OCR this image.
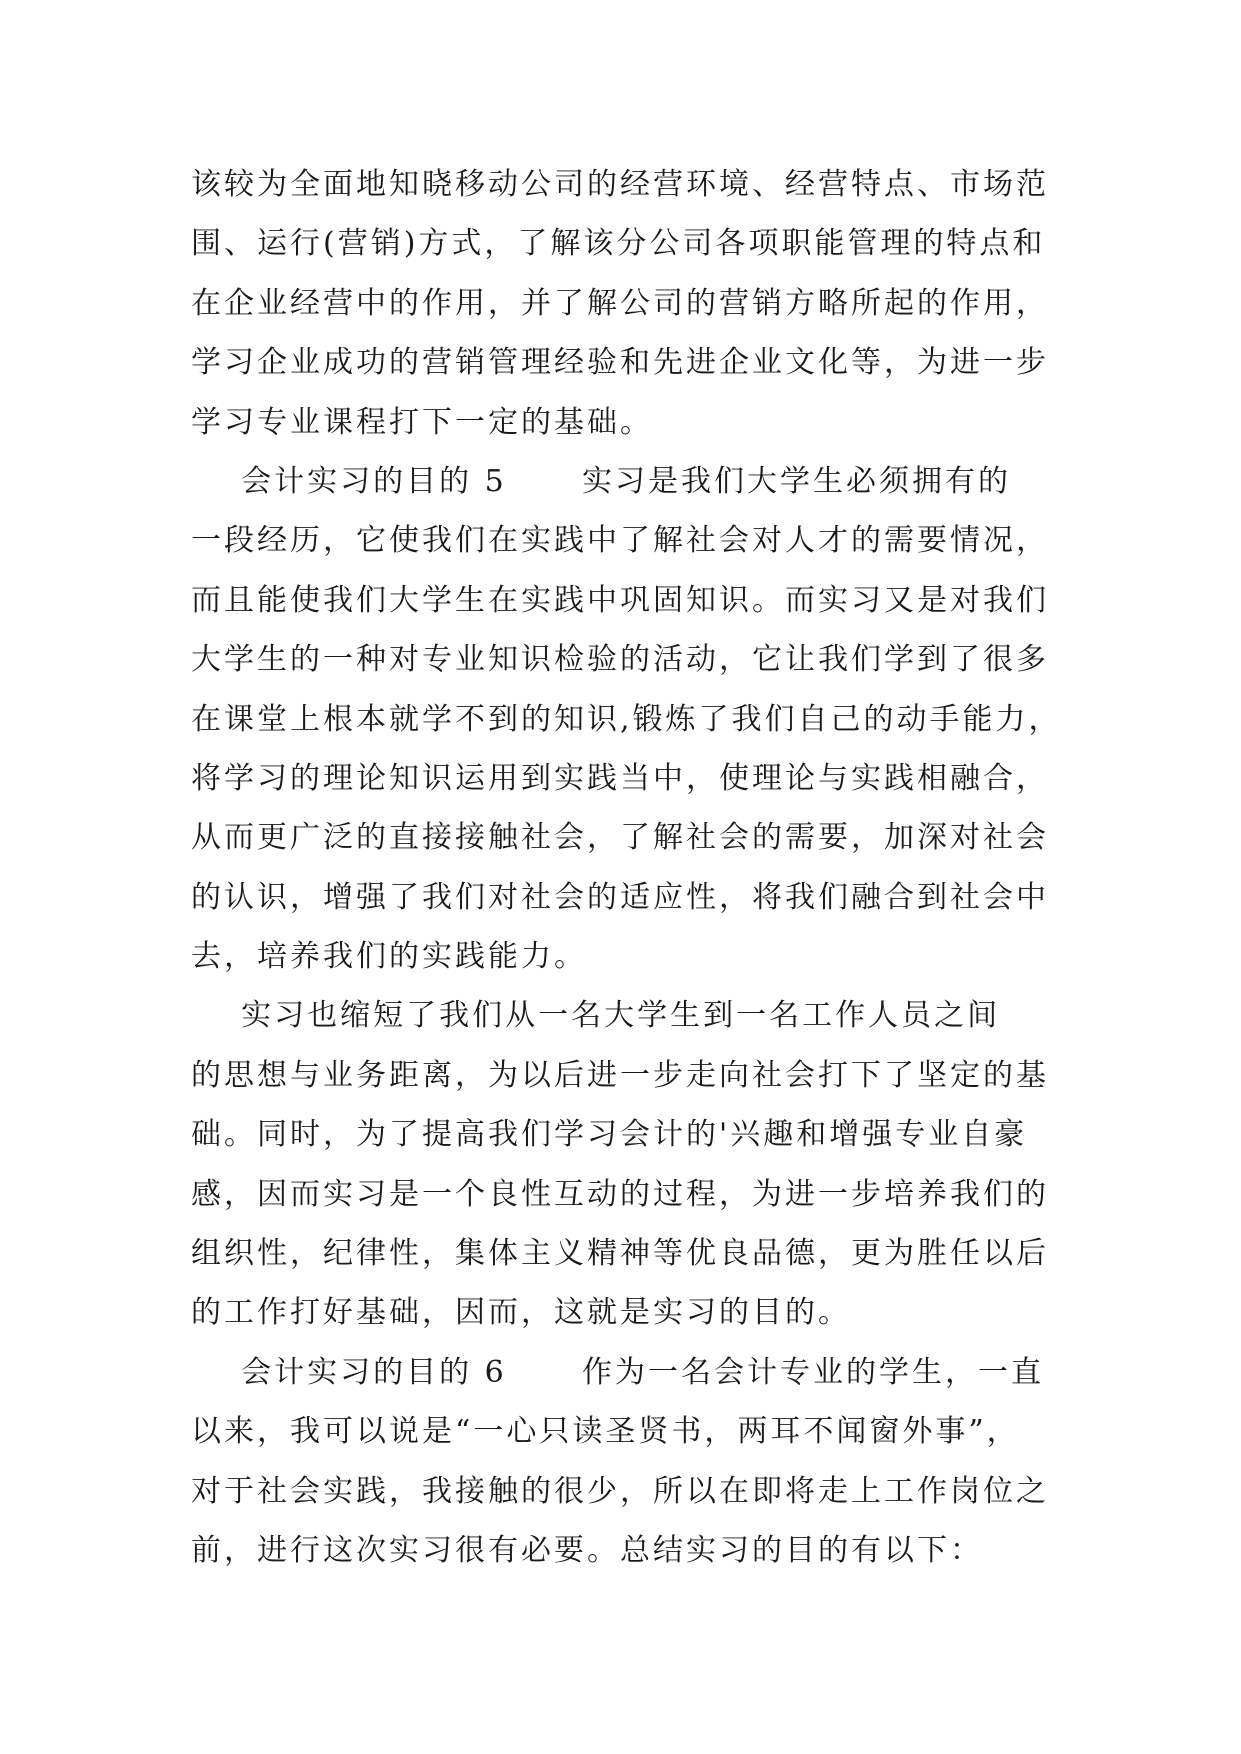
该较为全面地知晓移动公司的经营环境、经营特点、市场范
围、运行(营销)方式，了解该分公司各项职能管理的特点和
在企业经营中的作用，并了解公司的营销方略所起的作用，
学习企业成功的营销管理经验和先进企业文化等，为进一步
学习专业课程打下一定的基础。
会计实习的目的 5      实习是我们大学生必须拥有的
一段经历，它使我们在实践中了解社会对人才的需要情况，
而且能使我们大学生在实践中巩固知识。而实习又是对我们
大学生的一种对专业知识检验的活动，它让我们学到了很多
在课堂上根本就学不到的知识,锻炼了我们自己的动手能力，
将学习的理论知识运用到实践当中，使理论与实践相融合，
从而更广泛的直接接触社会，了解社会的需要，加深对社会
的认识，增强了我们对社会的适应性，将我们融合到社会中
去，培养我们的实践能力。
实习也缩短了我们从一名大学生到一名工作人员之间
的思想与业务距离，为以后进一步走向社会打下了坚定的基
础。同时，为了提高我们学习会计的'兴趣和增强专业自豪
感，因而实习是一个良性互动的过程，为进一步培养我们的
组织性，纪律性，集体主义精神等优良品德，更为胜任以后
的工作打好基础，因而，这就是实习的目的。
会计实习的目的 6      作为一名会计专业的学生，一直
以来，我可以说是“一心只读圣贤书，两耳不闻窗外事”，
对于社会实践，我接触的很少，所以在即将走上工作岗位之
前，进行这次实习很有必要。总结实习的目的有以下：
